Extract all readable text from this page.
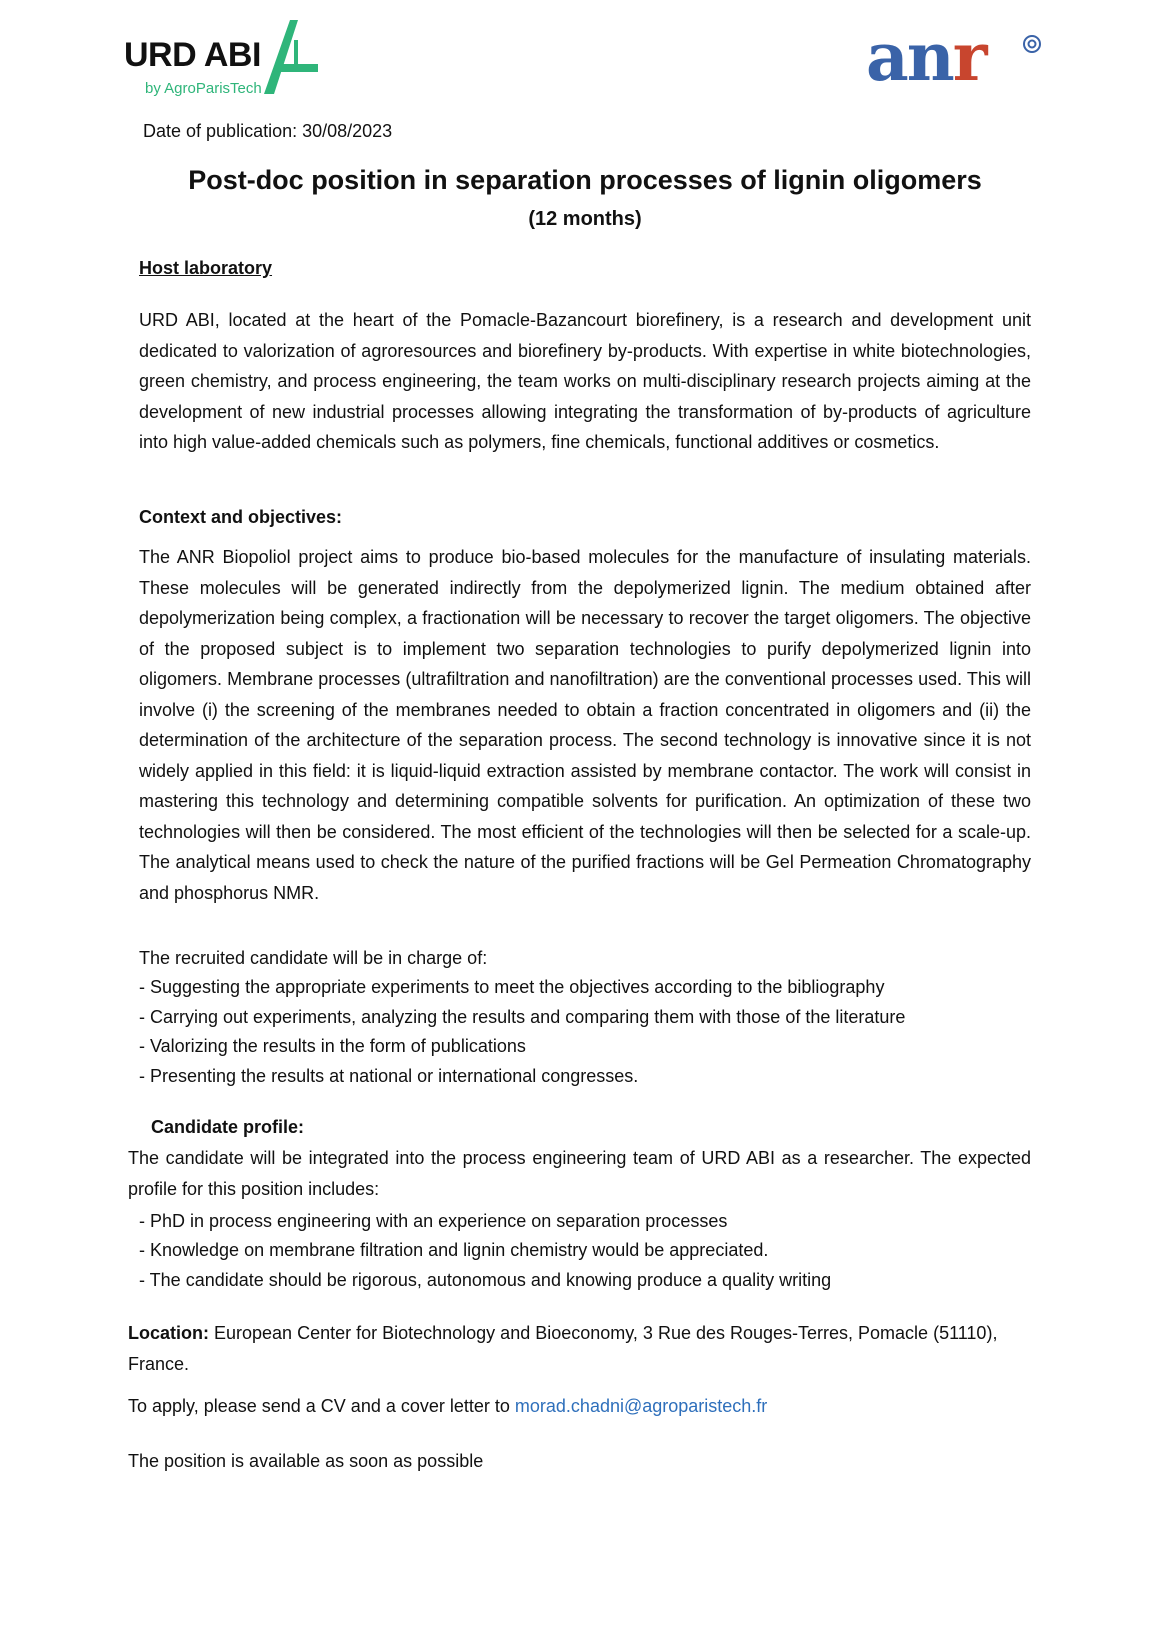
URD ABI
by AgroParisTech	anr
Date of publication: 30/08/2023
Post-doc position in separation processes of lignin oligomers
(12 months)
Host laboratory
URD ABI, located at the heart of the Pomacle-Bazancourt biorefinery, is a research and development unit dedicated to valorization of agroresources and biorefinery by-products. With expertise in white biotechnologies, green chemistry, and process engineering, the team works on multi-disciplinary research projects aiming at the development of new industrial processes allowing integrating the transformation of by-products of agriculture into high value-added chemicals such as polymers, fine chemicals, functional additives or cosmetics.
Context and objectives:
The ANR Biopoliol project aims to produce bio-based molecules for the manufacture of insulating materials. These molecules will be generated indirectly from the depolymerized lignin. The medium obtained after depolymerization being complex, a fractionation will be necessary to recover the target oligomers. The objective of the proposed subject is to implement two separation technologies to purify depolymerized lignin into oligomers. Membrane processes (ultrafiltration and nanofiltration) are the conventional processes used. This will involve (i) the screening of the membranes needed to obtain a fraction concentrated in oligomers and (ii) the determination of the architecture of the separation process. The second technology is innovative since it is not widely applied in this field: it is liquid-liquid extraction assisted by membrane contactor. The work will consist in mastering this technology and determining compatible solvents for purification. An optimization of these two technologies will then be considered. The most efficient of the technologies will then be selected for a scale-up. The analytical means used to check the nature of the purified fractions will be Gel Permeation Chromatography and phosphorus NMR.
The recruited candidate will be in charge of:
- Suggesting the appropriate experiments to meet the objectives according to the bibliography
- Carrying out experiments, analyzing the results and comparing them with those of the literature
- Valorizing the results in the form of publications
- Presenting the results at national or international congresses.
Candidate profile:
The candidate will be integrated into the process engineering team of URD ABI as a researcher. The expected profile for this position includes:
- PhD in process engineering with an experience on separation processes
- Knowledge on membrane filtration and lignin chemistry would be appreciated.
- The candidate should be rigorous, autonomous and knowing produce a quality writing
Location: European Center for Biotechnology and Bioeconomy, 3 Rue des Rouges-Terres, Pomacle (51110), France.
To apply, please send a CV and a cover letter to morad.chadni@agroparistech.fr
The position is available as soon as possible
